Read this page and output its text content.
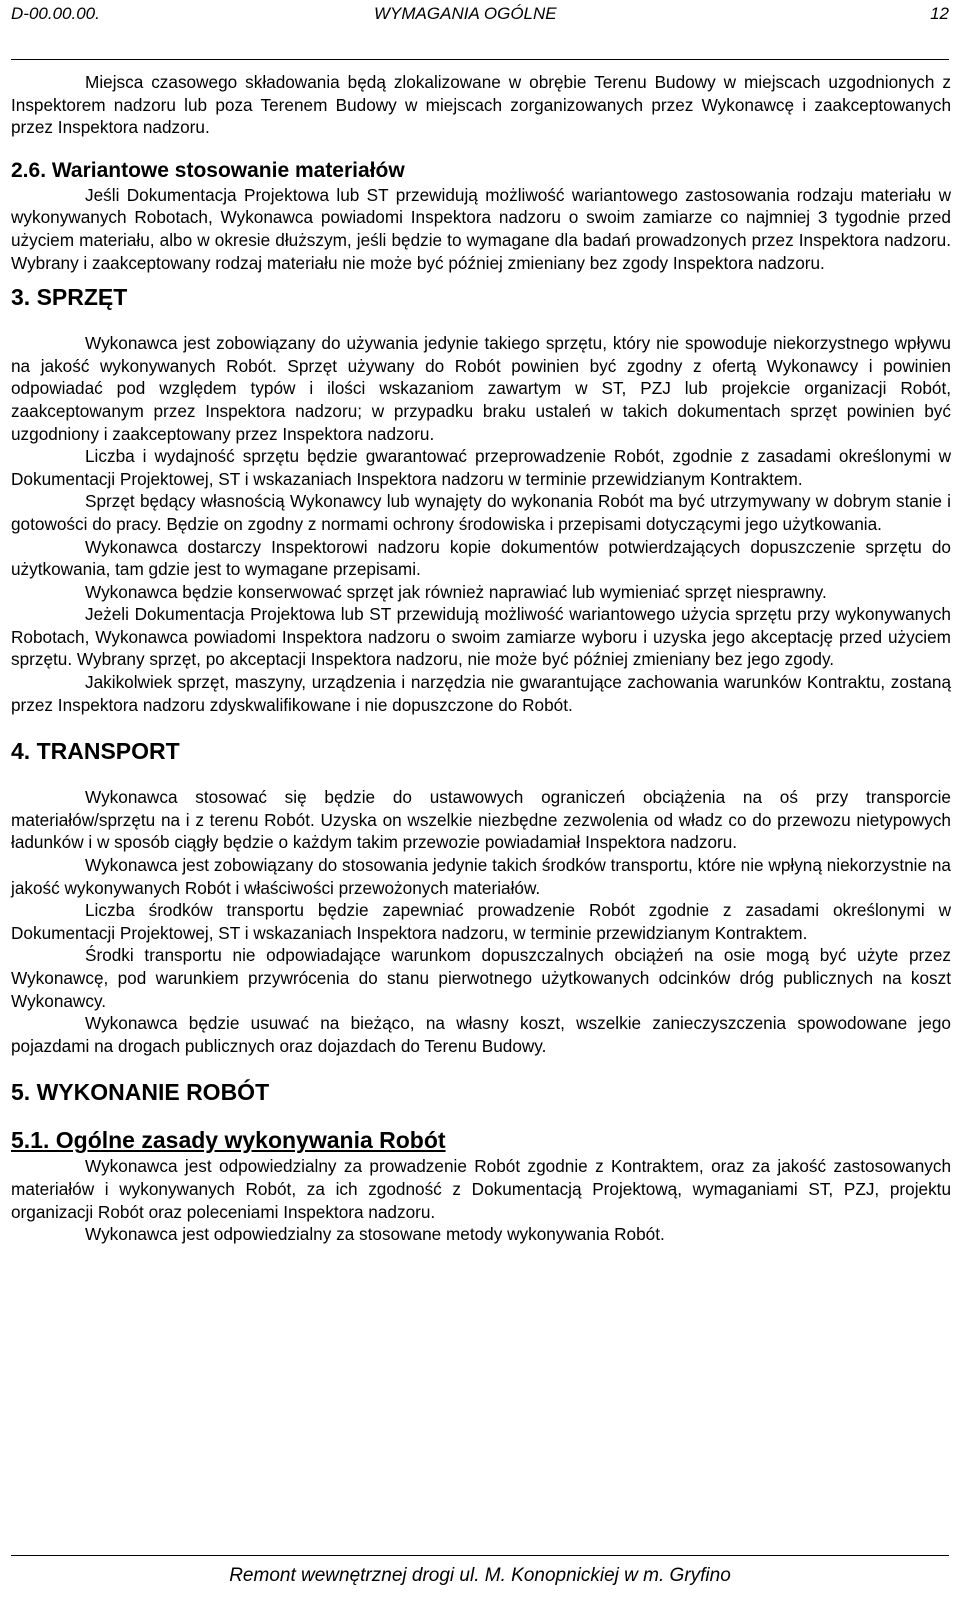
D-00.00.00.	WYMAGANIA OGÓLNE	12

Miejsca czasowego składowania będą zlokalizowane w obrębie Terenu Budowy w miejscach uzgodnionych z Inspektorem nadzoru lub poza Terenem Budowy w miejscach zorganizowanych przez Wykonawcę i zaakceptowanych przez Inspektora nadzoru.

2.6. Wariantowe stosowanie materiałów

Jeśli Dokumentacja Projektowa lub ST przewidują możliwość wariantowego zastosowania rodzaju materiału w wykonywanych Robotach, Wykonawca powiadomi Inspektora nadzoru o swoim zamiarze co najmniej 3 tygodnie przed użyciem materiału, albo w okresie dłuższym, jeśli będzie to wymagane dla badań prowadzonych przez Inspektora nadzoru. Wybrany i zaakceptowany rodzaj materiału nie może być później zmieniany bez zgody Inspektora nadzoru.

3. SPRZĘT

Wykonawca jest zobowiązany do używania jedynie takiego sprzętu, który nie spowoduje niekorzystnego wpływu na jakość wykonywanych Robót. Sprzęt używany do Robót powinien być zgodny z ofertą Wykonawcy i powinien odpowiadać pod względem typów i ilości wskazaniom zawartym w ST, PZJ lub projekcie organizacji Robót, zaakceptowanym przez Inspektora nadzoru; w przypadku braku ustaleń w takich dokumentach sprzęt powinien być uzgodniony i zaakceptowany przez Inspektora nadzoru.

Liczba i wydajność sprzętu będzie gwarantować przeprowadzenie Robót, zgodnie z zasadami określonymi w Dokumentacji Projektowej, ST i wskazaniach Inspektora nadzoru w terminie przewidzianym Kontraktem.

Sprzęt będący własnością Wykonawcy lub wynajęty do wykonania Robót ma być utrzymywany w dobrym stanie i gotowości do pracy. Będzie on zgodny z normami ochrony środowiska i przepisami dotyczącymi jego użytkowania.

Wykonawca dostarczy Inspektorowi nadzoru kopie dokumentów potwierdzających dopuszczenie sprzętu do użytkowania, tam gdzie jest to wymagane przepisami.

Wykonawca będzie konserwować sprzęt jak również naprawiać lub wymieniać sprzęt niesprawny.

Jeżeli Dokumentacja Projektowa lub ST przewidują możliwość wariantowego użycia sprzętu przy wykonywanych Robotach, Wykonawca powiadomi Inspektora nadzoru o swoim zamiarze wyboru i uzyska jego akceptację przed użyciem sprzętu. Wybrany sprzęt, po akceptacji Inspektora nadzoru, nie może być później zmieniany bez jego zgody.

Jakikolwiek sprzęt, maszyny, urządzenia i narzędzia nie gwarantujące zachowania warunków Kontraktu, zostaną przez Inspektora nadzoru zdyskwalifikowane i nie dopuszczone do Robót.

4. TRANSPORT

Wykonawca stosować się będzie do ustawowych ograniczeń obciążenia na oś przy transporcie materiałów/sprzętu na i z terenu Robót. Uzyska on wszelkie niezbędne zezwolenia od władz co do przewozu nietypowych ładunków i w sposób ciągły będzie o każdym takim przewozie powiadamiał Inspektora nadzoru.

Wykonawca jest zobowiązany do stosowania jedynie takich środków transportu, które nie wpłyną niekorzystnie na jakość wykonywanych Robót i właściwości przewożonych materiałów.

Liczba środków transportu będzie zapewniać prowadzenie Robót zgodnie z zasadami określonymi w Dokumentacji Projektowej, ST i wskazaniach Inspektora nadzoru, w terminie przewidzianym Kontraktem.

Środki transportu nie odpowiadające warunkom dopuszczalnych obciążeń na osie mogą być użyte przez Wykonawcę, pod warunkiem przywrócenia do stanu pierwotnego użytkowanych odcinków dróg publicznych na koszt Wykonawcy.

Wykonawca będzie usuwać na bieżąco, na własny koszt, wszelkie zanieczyszczenia spowodowane jego pojazdami na drogach publicznych oraz dojazdach do Terenu Budowy.

5. WYKONANIE ROBÓT
5.1. Ogólne zasady wykonywania Robót

Wykonawca jest odpowiedzialny za prowadzenie Robót zgodnie z Kontraktem, oraz za jakość zastosowanych materiałów i wykonywanych Robót, za ich zgodność z Dokumentacją Projektową, wymaganiami ST, PZJ, projektu organizacji Robót oraz poleceniami Inspektora nadzoru.

Wykonawca jest odpowiedzialny za stosowane metody wykonywania Robót.

Remont wewnętrznej drogi ul. M. Konopnickiej w m. Gryfino
